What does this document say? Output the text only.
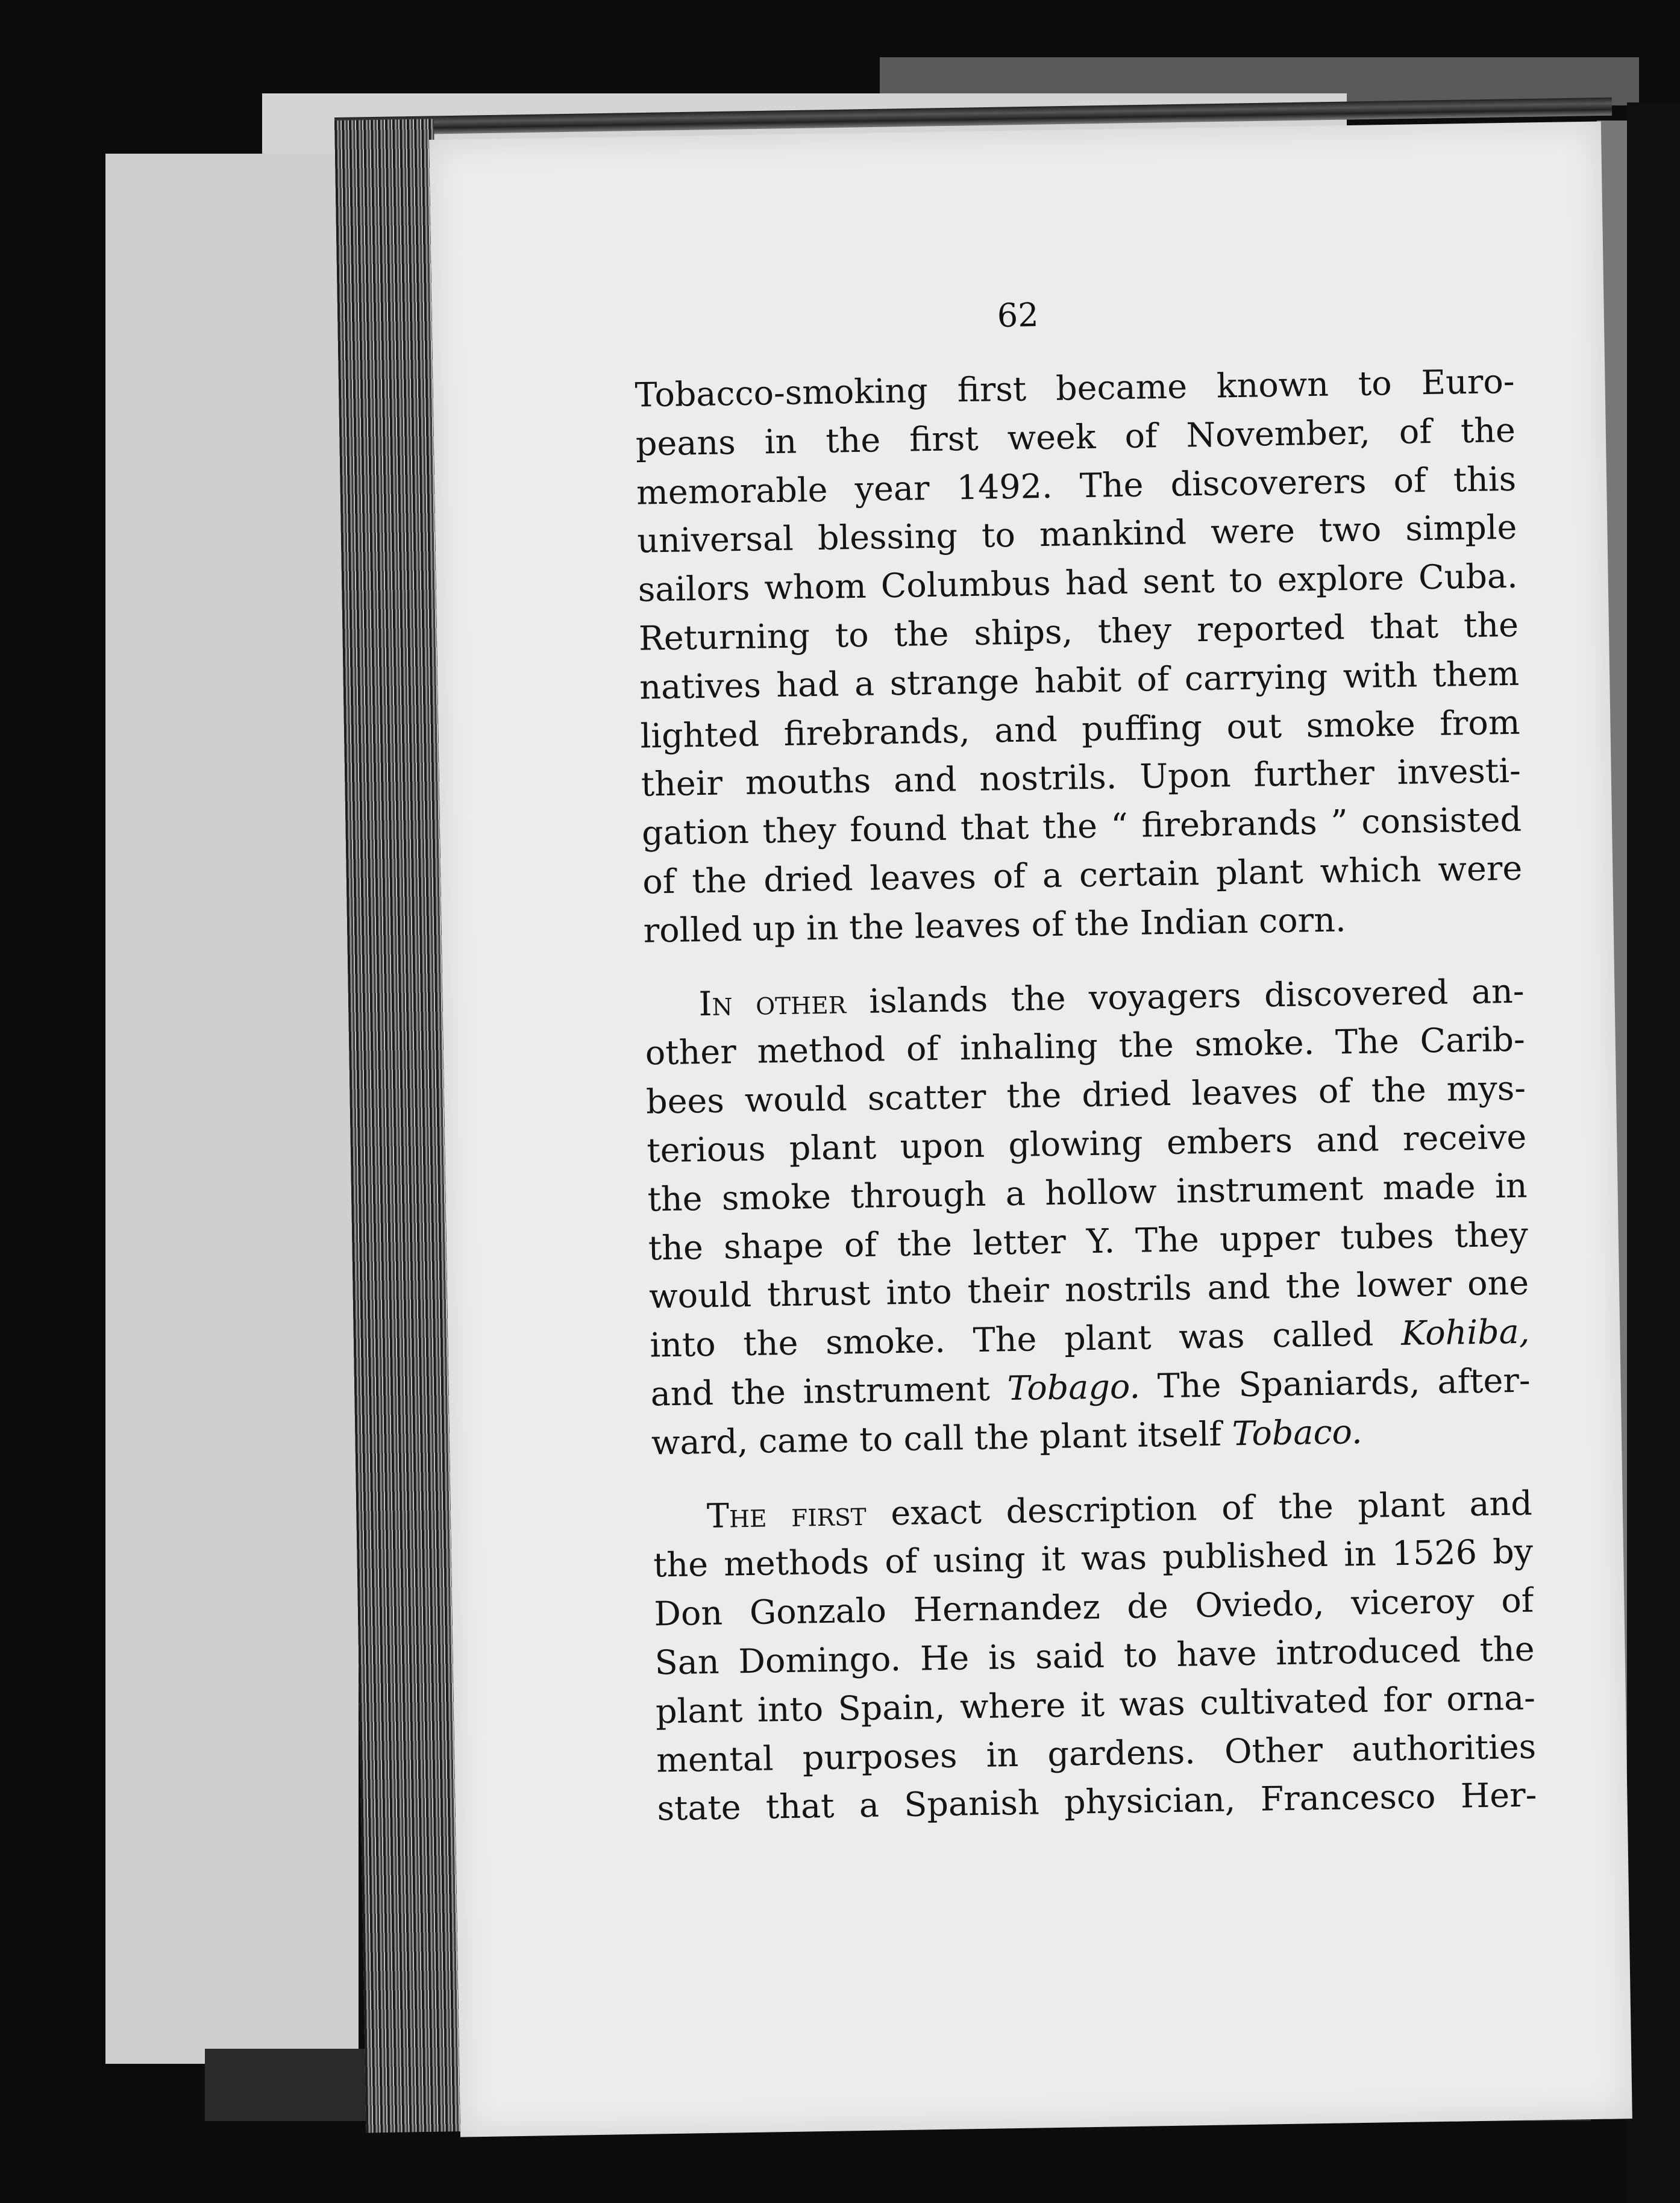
62

Tobacco-smoking first became known to Euro-
peans in the first week of November, of the
memorable year 1492. The discoverers of this
universal blessing to mankind were two simple
sailors whom Columbus had sent to explore Cuba.
Returning to the ships, they reported that the
natives had a strange habit of carrying with them
lighted firebrands, and puffing out smoke from
their mouths and nostrils. Upon further investi-
gation they found that the “ firebrands ” consisted
of the dried leaves of a certain plant which were
rolled up in the leaves of the Indian corn.

In other islands the voyagers discovered an-
other method of inhaling the smoke. The Carib-
bees would scatter the dried leaves of the mys-
terious plant upon glowing embers and receive
the smoke through a hollow instrument made in
the shape of the letter Y. The upper tubes they
would thrust into their nostrils and the lower one
into the smoke. The plant was called Kohiba,
and the instrument Tobago. The Spaniards, after-
ward, came to call the plant itself Tobaco.

The first exact description of the plant and
the methods of using it was published in 1526 by
Don Gonzalo Hernandez de Oviedo, viceroy of
San Domingo. He is said to have introduced the
plant into Spain, where it was cultivated for orna-
mental purposes in gardens. Other authorities
state that a Spanish physician, Francesco Her-
